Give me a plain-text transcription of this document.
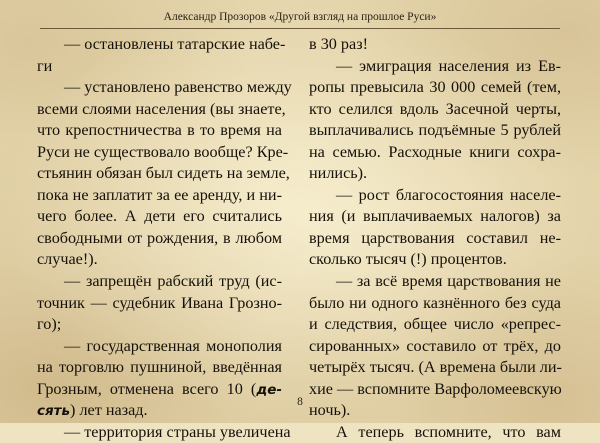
Александр Прозоров «Другой взгляд на прошлое Руси»
— остановлены татарские набе-
ги
— установлено равенство между
всеми слоями населения (вы знаете,
что крепостничества в то время на
Руси не существовало вообще? Кре-
стьянин обязан был сидеть на земле,
пока не заплатит за ее аренду, и ни-
чего более. А дети его считались
свободными от рождения, в любом
случае!).
— запрещён рабский труд (ис-
точник — судебник Ивана Грозно-
го);
— государственная монополия
на торговлю пушниной, введённая
Грозным, отменена всего 10 (де-
сять) лет назад.
— территория страны увеличена
в 30 раз!
— эмиграция населения из Ев-
ропы превысила 30 000 семей (тем,
кто селился вдоль Засечной черты,
выплачивались подъёмные 5 рублей
на семью. Расходные книги сохра-
нились).
— рост благосостояния населе-
ния (и выплачиваемых налогов) за
время царствования составил не-
сколько тысяч (!) процентов.
— за всё время царствования не
было ни одного казнённого без суда
и следствия, общее число «репрес-
сированных» составило от трёх, до
четырёх тысяч. (А времена были ли-
хие — вспомните Варфоломеевскую
ночь).
А теперь вспомните, что вам
8
